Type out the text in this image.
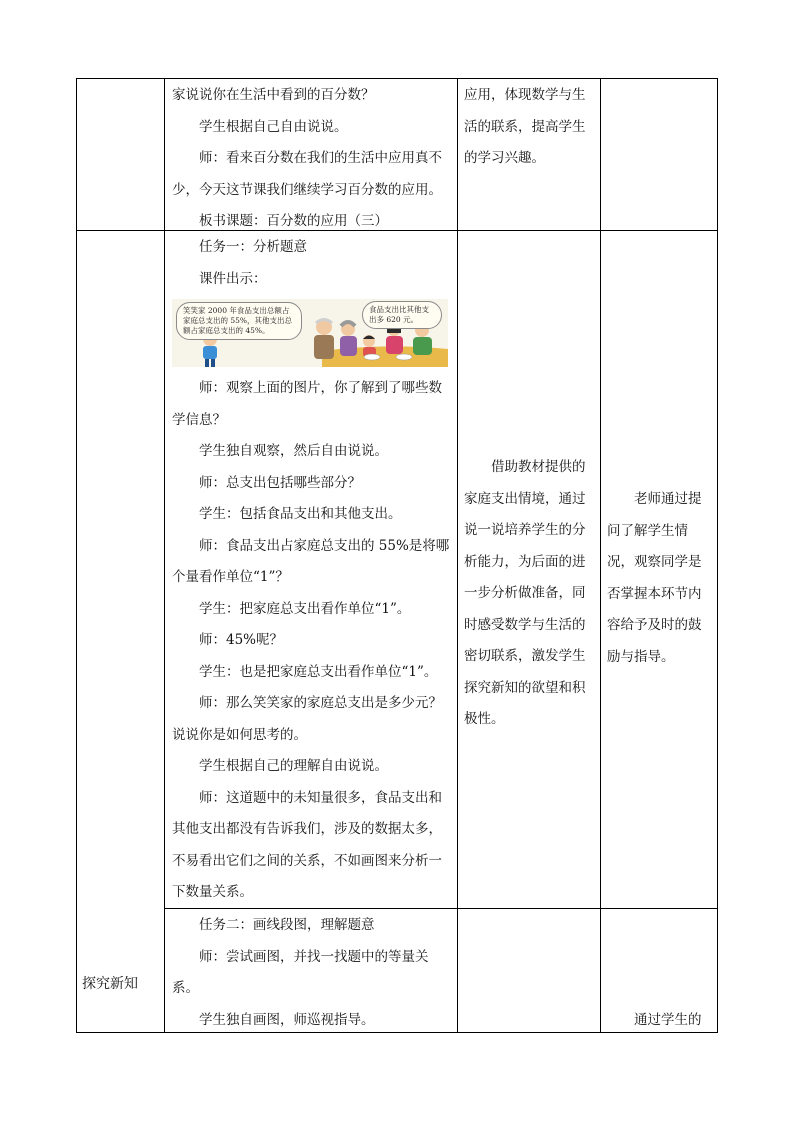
家说说你在生活中看到的百分数？

学生根据自己自由说说。

师：看来百分数在我们的生活中应用真不少，今天这节课我们继续学习百分数的应用。

板书课题：百分数的应用（三）

应用，体现数学与生活的联系，提高学生的学习兴趣。

探究新知

任务一：分析题意

课件出示：

笑笑家 2000 年食品支出总额占家庭总支出的 55%，其他支出总额占家庭总支出的 45%。
食品支出比其他支出多 620 元。

师：观察上面的图片，你了解到了哪些数学信息？

学生独自观察，然后自由说说。

师：总支出包括哪些部分？

学生：包括食品支出和其他支出。

师：食品支出占家庭总支出的 55%是将哪个量看作单位“1”？

学生：把家庭总支出看作单位“1”。

师：45%呢？

学生：也是把家庭总支出看作单位“1”。

师：那么笑笑家的家庭总支出是多少元？说说你是如何思考的。

学生根据自己的理解自由说说。

师：这道题中的未知量很多，食品支出和其他支出都没有告诉我们，涉及的数据太多，不易看出它们之间的关系，不如画图来分析一下数量关系。

借助教材提供的家庭支出情境，通过说一说培养学生的分析能力，为后面的进一步分析做准备，同时感受数学与生活的密切联系，激发学生探究新知的欲望和积极性。

老师通过提问了解学生情况，观察同学是否掌握本环节内容给予及时的鼓励与指导。

任务二：画线段图，理解题意

师：尝试画图，并找一找题中的等量关系。

学生独自画图，师巡视指导。	通过学生的
